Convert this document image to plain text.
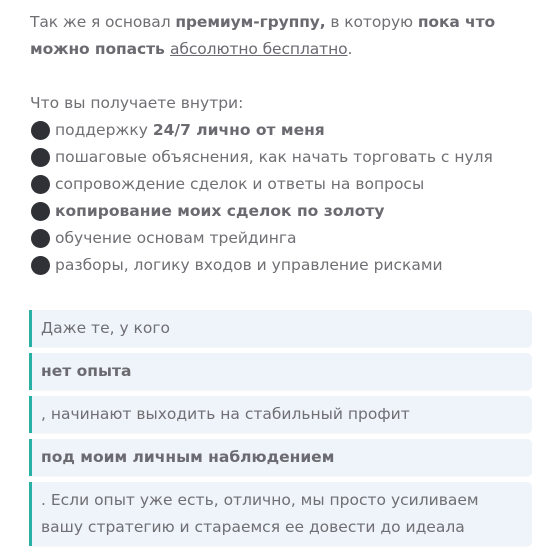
Так же я основал премиум-группу, в которую пока что можно попасть абсолютно бесплатно.

Что вы получаете внутри:
поддержку 24/7 лично от меня
пошаговые объяснения, как начать торговать с нуля
сопровождение сделок и ответы на вопросы
копирование моих сделок по золоту
обучение основам трейдинга
разборы, логику входов и управление рисками
Даже те, у кого
нет опыта
, начинают выходить на стабильный профит
под моим личным наблюдением
. Если опыт уже есть, отлично, мы просто усиливаем вашу стратегию и стараемся ее довести до идеала
